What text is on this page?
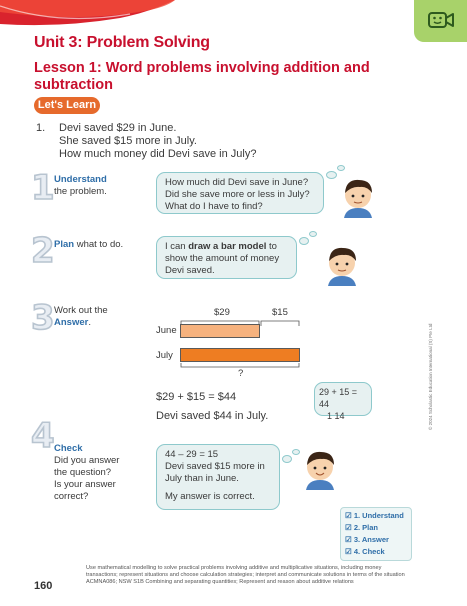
Unit 3: Problem Solving
Lesson 1: Word problems involving addition and subtraction
Let's Learn
1. Devi saved $29 in June.
She saved $15 more in July.
How much money did Devi save in July?
1 Understand
the problem.
How much did Devi save in June?
Did she save more or less in July?
What do I have to find?
2 Plan what to do.	I can draw a bar model to
show the amount of money
Devi saved.
3 Work out the
Answer.
$29	$15
June
July
?
$29 + $15 = $44
Devi saved $44 in July.
29 + 15 = 44
1 14
4 Check
Did you answer
the question?
Is your answer
correct?
44 – 29 = 15
Devi saved $15 more in
July than in June.
My answer is correct.
☑ 1. Understand
☑ 2. Plan
☑ 3. Answer
☑ 4. Check
© 2024 Scholastic Education International (S) Pte Ltd
Use mathematical modelling to solve practical problems involving additive and multiplicative situations, including money transactions; represent situations and choose calculation strategies; interpret and communicate solutions in terms of the situation ACMNA086; NSW S1B Combining and separating quantities; Represent and reason about additive relations
160
